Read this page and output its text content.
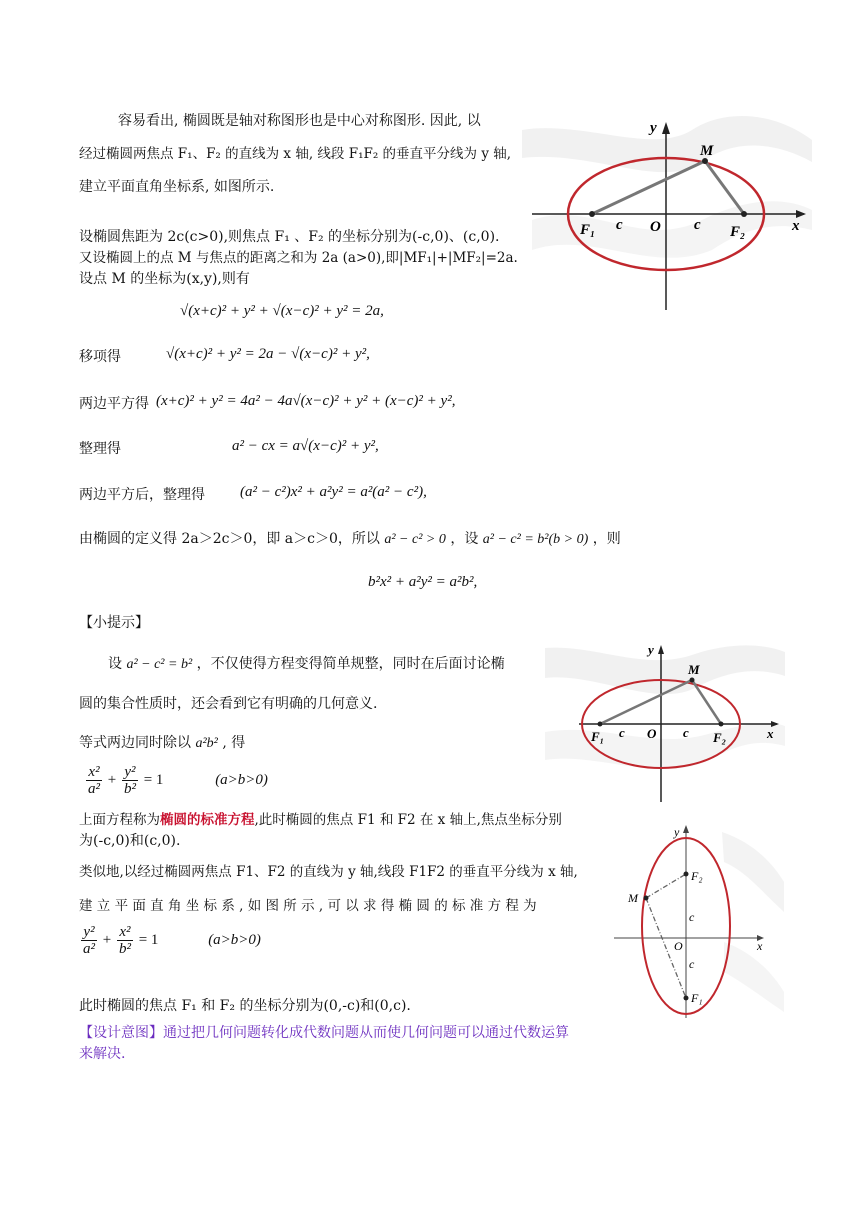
容易看出, 椭圆既是轴对称图形也是中心对称图形. 因此, 以
经过椭圆两焦点 F₁、F₂ 的直线为 x 轴, 线段 F₁F₂ 的垂直平分线为 y 轴,
建立平面直角坐标系, 如图所示.
y
x
M
F₁	F₂
O
c	c
设椭圆焦距为 2c(c>0),则焦点 F₁ 、F₂ 的坐标分别为(-c,0)、(c,0).
又设椭圆上的点 M 与焦点的距离之和为 2a (a>0),即|MF₁|+|MF₂|=2a.
设点 M 的坐标为(x,y),则有
√(x+c)² + y² + √(x−c)² + y² = 2a,
移项得	√(x+c)² + y² = 2a − √(x−c)² + y²,
两边平方得 (x+c)² + y² = 4a² − 4a√(x−c)² + y² + (x−c)² + y²,
整理得	a² − cx = a√(x−c)² + y²,
两边平方后，整理得 (a² − c²)x² + a²y² = a²(a² − c²),
由椭圆的定义得 2a＞2c＞0，即 a＞c＞0，所以 a² − c² > 0 ，设 a² − c² = b²(b > 0) ，则
b²x² + a²y² = a²b²,
【小提示】
设 a² − c² = b² ，不仅使得方程变得简单规整，同时在后面讨论椭
圆的集合性质时，还会看到它有明确的几何意义.
y
x
M
F₁	F₂
O
c	c
等式两边同时除以 a²b² , 得
$\frac{\text{x²}}{\text{a²}} + \frac{\text{y²}}{\text{b²}} = 1$	(a>b>0)
上面方程称为椭圆的标准方程,此时椭圆的焦点 F1 和 F2 在 x 轴上,焦点坐标分别
为(-c,0)和(c,0).
类似地,以经过椭圆两焦点 F1、F2 的直线为 y 轴,线段 F1F2 的垂直平分线为 x 轴,
建 立 平 面 直 角 坐 标 系 , 如 图 所 示 , 可 以 求 得 椭 圆 的 标 准 方 程 为
$\frac{\text{y²}}{\text{a²}} + \frac{\text{x²}}{\text{b²}} = 1$	(a>b>0)
y
x
M
F₂
F₁
O
c
c
此时椭圆的焦点 F₁ 和 F₂ 的坐标分别为(0,-c)和(0,c).
【设计意图】通过把几何问题转化成代数问题从而使几何问题可以通过代数运算
来解决.
